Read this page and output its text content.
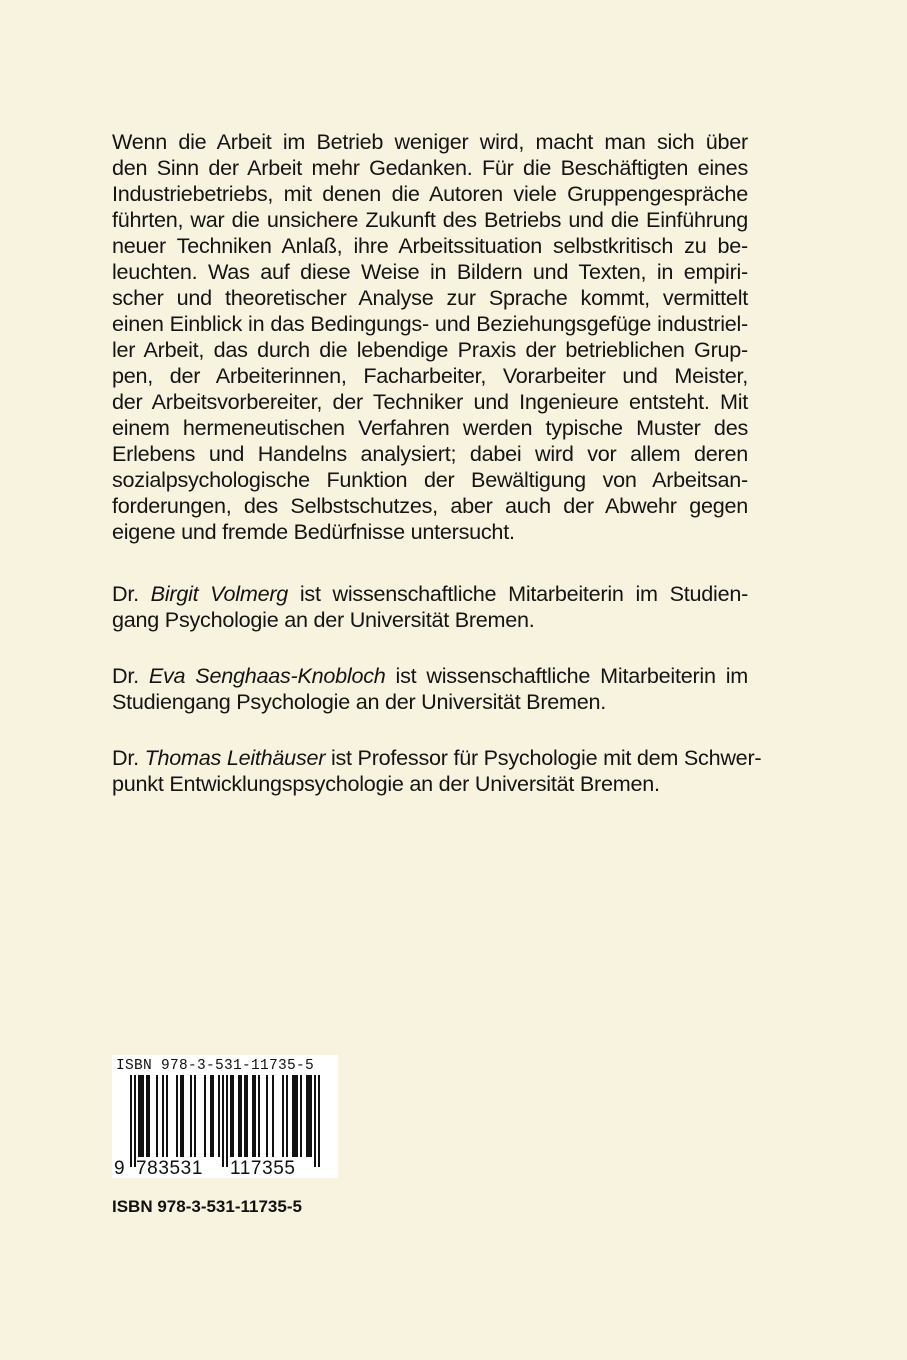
Wenn die Arbeit im Betrieb weniger wird, macht man sich über
den Sinn der Arbeit mehr Gedanken. Für die Beschäftigten eines
Industriebetriebs, mit denen die Autoren viele Gruppengespräche
führten, war die unsichere Zukunft des Betriebs und die Einführung
neuer Techniken Anlaß, ihre Arbeitssituation selbstkritisch zu be-
leuchten. Was auf diese Weise in Bildern und Texten, in empiri-
scher und theoretischer Analyse zur Sprache kommt, vermittelt
einen Einblick in das Bedingungs- und Beziehungsgefüge industriel-
ler Arbeit, das durch die lebendige Praxis der betrieblichen Grup-
pen, der Arbeiterinnen, Facharbeiter, Vorarbeiter und Meister,
der Arbeitsvorbereiter, der Techniker und Ingenieure entsteht. Mit
einem hermeneutischen Verfahren werden typische Muster des
Erlebens und Handelns analysiert; dabei wird vor allem deren
sozialpsychologische Funktion der Bewältigung von Arbeitsan-
forderungen, des Selbstschutzes, aber auch der Abwehr gegen
eigene und fremde Bedürfnisse untersucht.
Dr. Birgit Volmerg ist wissenschaftliche Mitarbeiterin im Studien-
gang Psychologie an der Universität Bremen.
Dr. Eva Senghaas-Knobloch ist wissenschaftliche Mitarbeiterin im
Studiengang Psychologie an der Universität Bremen.
Dr. Thomas Leithäuser ist Professor für Psychologie mit dem Schwer-
punkt Entwicklungspsychologie an der Universität Bremen.
ISBN 978-3-531-11735-5
9 783531 117355
ISBN 978-3-531-11735-5
